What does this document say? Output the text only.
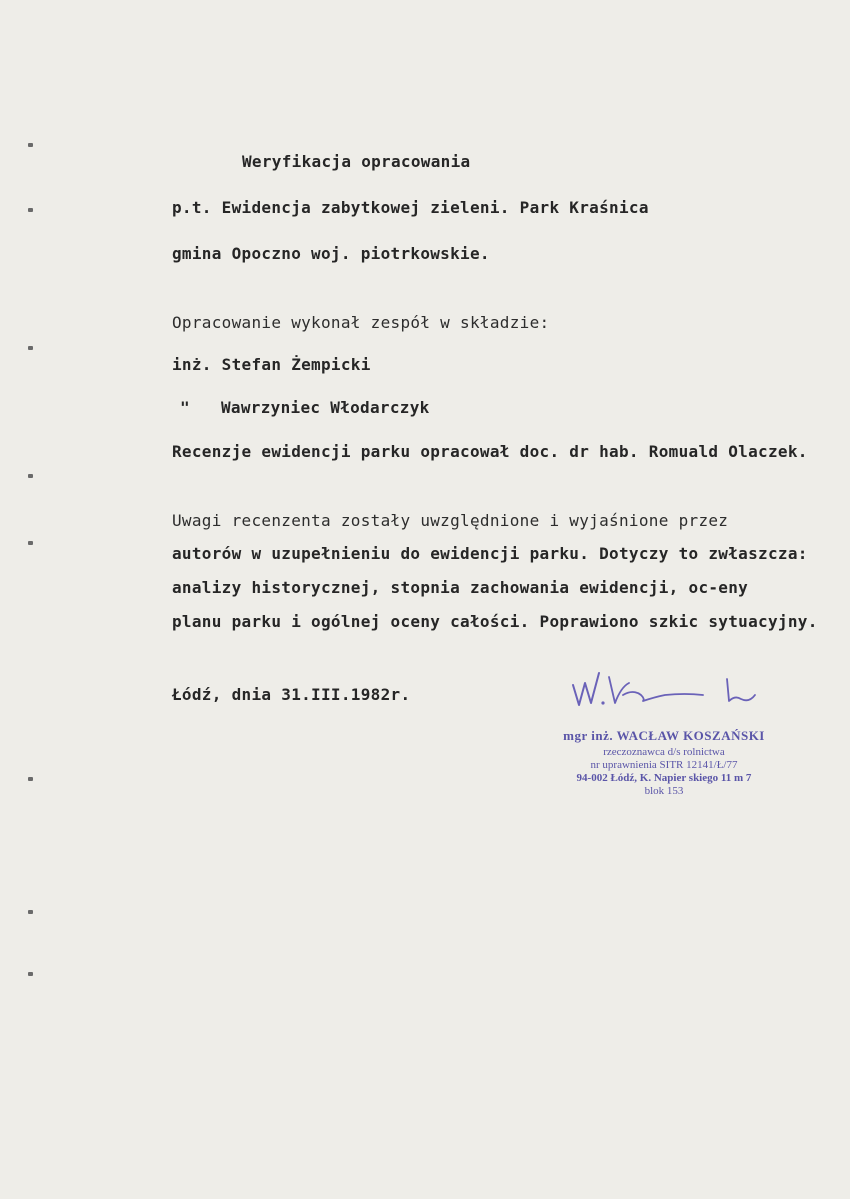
Weryfikacja opracowania
p.t. Ewidencja zabytkowej zieleni. Park Kraśnica
gmina Opoczno woj. piotrkowskie.
Opracowanie wykonał zespół w składzie:
inż. Stefan Żempicki
" Wawrzyniec Włodarczyk
Recenzje ewidencji parku opracował doc. dr hab. Romuald Olaczek.
Uwagi recenzenta zostały uwzględnione i wyjaśnione przez
autorów w uzupełnieniu do ewidencji parku. Dotyczy to zwłaszcza:
analizy historycznej, stopnia zachowania ewidencji, oc-eny
planu parku i ogólnej oceny całości. Poprawiono szkic sytuacyjny.
Łódź, dnia 31.III.1982r.
mgr inż. WACŁAW KOSZAŃSKI
rzeczoznawca d/s rolnictwa
nr uprawnienia SITR 12141/Ł/77
94-002 Łódź, K. Napier skiego 11 m 7
blok 153
